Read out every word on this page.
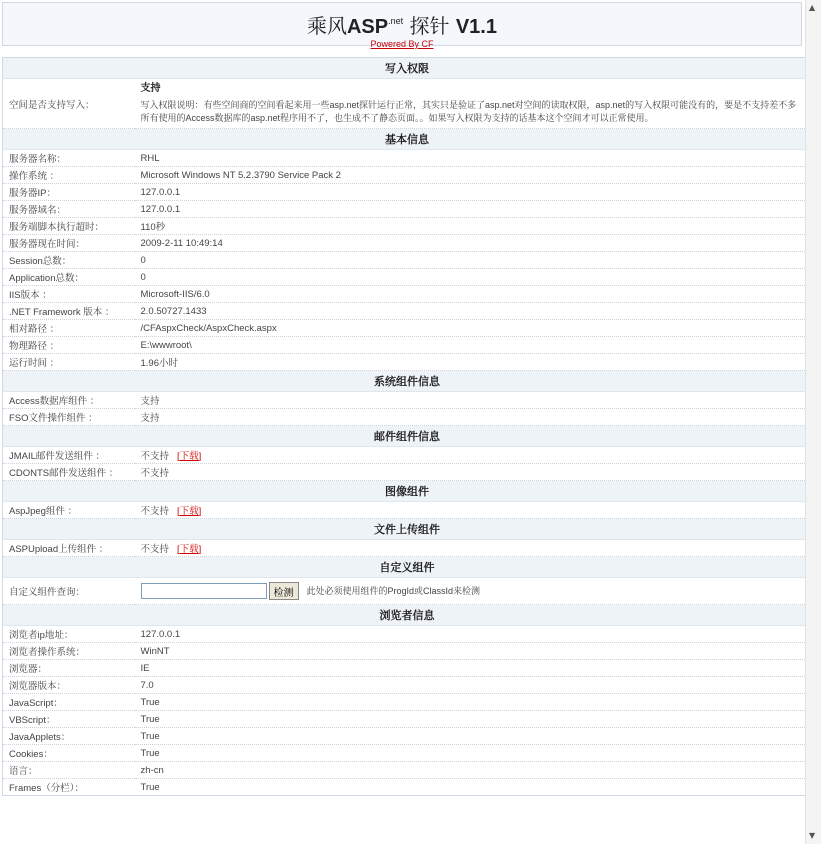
乘风$ASP^{.net}$ 探针 V1.1
Powered By CF
写入权限	
空间是否支持写入：	支持
写入权限说明：有些空间商的空间看起来用一些asp.net探针运行正常，其实只是验证了asp.net对空间的读取权限，asp.net的写入权限可能没有的，要是不支持差不多所有使用的Access数据库的asp.net程序用不了，也生成不了静态页面。。如果写入权限为支持的话基本这个空间才可以正常使用。

基本信息	
服务器名称：	RHL
操作系统 ：	Microsoft Windows NT 5.2.3790 Service Pack 2
服务器IP：	127.0.0.1
服务器域名：	127.0.0.1
服务端脚本执行超时：	110秒
服务器现在时间：	2009-2-11 10:49:14
Session总数：	0
Application总数：	0
IIS版本 ：	Microsoft-IIS/6.0
.NET Framework 版本 ：	2.0.50727.1433
相对路径 ：	/CFAspxCheck/AspxCheck.aspx
物理路径 ：	E:\wwwroot\
运行时间 ：	1.96小时
系统组件信息	
Access数据库组件 ：	支持
FSO文件操作组件 ：	支持
邮件组件信息	
JMAIL邮件发送组件 ：	不支持 [ 下载 ]
CDONTS邮件发送组件 ：	不支持
图像组件	
AspJpeg组件 ：	不支持 [ 下载 ]
文件上传组件	
ASPUpload上传组件 ：	不支持 [ 下载 ]
自定义组件	
自定义组件查询：	检测 此处必须使用组件的ProgId或ClassId来检测
浏览者信息	
浏览者ip地址：	127.0.0.1
浏览者操作系统：	WinNT
浏览器：	IE
浏览器版本：	7.0
JavaScript：	True
VBScript：	True
JavaApplets：	True
Cookies：	True
语言：	zh-cn
Frames（分栏）：	True
▲
▼
